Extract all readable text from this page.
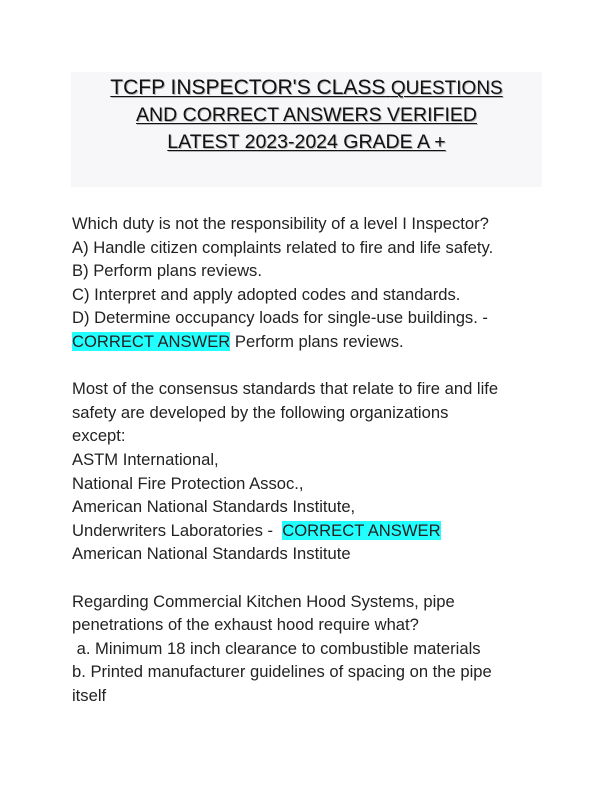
TCFP INSPECTOR'S CLASS QUESTIONS
AND CORRECT ANSWERS VERIFIED
LATEST 2023-2024 GRADE A +
Which duty is not the responsibility of a level I Inspector?
A) Handle citizen complaints related to fire and life safety.
B) Perform plans reviews.
C) Interpret and apply adopted codes and standards.
D) Determine occupancy loads for single-use buildings. -
CORRECT ANSWER Perform plans reviews.
Most of the consensus standards that relate to fire and life
safety are developed by the following organizations
except:
ASTM International,
National Fire Protection Assoc.,
American National Standards Institute,
Underwriters Laboratories -  CORRECT ANSWER
American National Standards Institute
Regarding Commercial Kitchen Hood Systems, pipe
penetrations of the exhaust hood require what?
a. Minimum 18 inch clearance to combustible materials
b. Printed manufacturer guidelines of spacing on the pipe
itself
